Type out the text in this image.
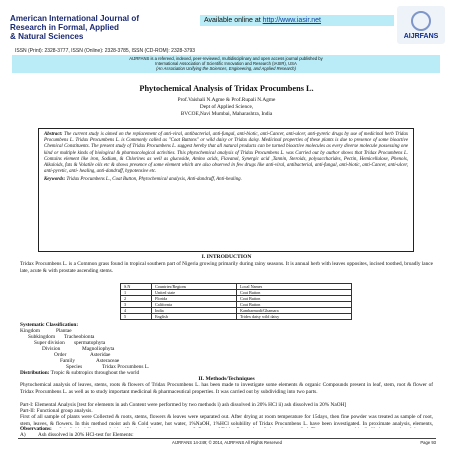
American International Journal of
Research in Formal, Applied
& Natural Sciences
Available online at http://www.iasir.net
AIJRFANS
ISSN (Print): 2328-3777, ISSN (Online): 2328-3785, ISSN (CD-ROM): 2328-3793
AIJRFANS is a refereed, indexed, peer-reviewed, multidisciplinary and open access journal published by
International Association of Scientific Innovation and Research (IASIR), USA
(An Association Unifying the Sciences, Engineering, and Applied Research)
Phytochemical Analysis of Tridax Procumbens L.
Prof.Vaishali N.Agme & Prof.Rupali N.Agme
Dept of Applied Science,
BVCOE,Navi Mumbai, Maharashtra, India
Abstract: The current study is aimed on the replacement of anti-viral, antibacterial, anti-fungal, anti-biotic, anti-Cancer, anti-ulcer, anti-pyretic drugs by use of medicinal herb Tridax Procumbens L. Tridax Procumbens L. is Commonly called as "Coat Buttons" or wild daisy or Tridax daisy. Medicinal properties of these plants is due to presence of some bioactive Chemical Constituents. The present study of Tridax Procumbens L. suggest hereby that all natural products can be turned bioactive molecules as every diverse molecule possessing one kind or multiple kinds of biological & pharmacological activities. This phytochemical analysis of Tridax Procumbens L. was Carried out by author shows that Tridax Procumbens L. Contains element like iron, Sodium, & Chlorines as well as glucoside, Amino acids, Flavanol, Synergic acid ,Tannin, Steroids, polysaccharides, Pectin, Hemicellulose, Phenols, Alkaloids, fats & Volatile oils etc & shows presence of some element which are also observed in few drugs like anti-viral, antibacterial, anti-fungal, anti-biotic, anti-Cancer, anti-ulcer, anti-pyretic, anti- healing, anti-dandruff, hypotensive etc.
Keywords: Tridax Procumbens L., Coat Button, Phytochemical analysis, Anti-dandruff, Anti-healing.
I. INTRODUCTION
Tridax Procumbens L. is a Common grass found in tropical southern part of Nigeria growing primarily during rainy seasons. It is annual herb with leaves opposites, incised toothed, broadly lance late, acute & with prostate ascending stems.
S.N	Countries/Regions	Local Names
1	United state	Coat Button
2	Florida	Coat Button
3	California	Coat Button
4	India	Kambarmodi/Ghamara
5	English	Tridex daisy wild daisy
Systematic Classification:
Kingdom	Plantae
Subkingdom Tracheobionta
Super division spermatophyta
Division	Magnoliophyta
Order	Asteridae
Family	Asteraceae
Species	Tridax Procumbens L.
Distribution: Tropic & subtropics throughout the world
II. Methods/Techniques
Phytochemical analysis of leaves, stems, roots & flowers of Tridax Procumbens L. has been made to investigate some elements & organic Compounds present in leaf, stem, root & flower of Tridax Procumbens L. as well as to study important medicinal & pharmaceutical properties. It was carried out by subdividing into two parts.
Part-I: Elemental Analysis [test for elements in ash Content were performed by two methods i) ash dissolved in 20% HCl ii) ash dissolved in 20% NaOH]
Part-II: Functional group analysis.
First of all sample of plants were Collected & roots, stems, flowers & leaves were separated out. After drying at room temperature for 15days, then fine powder was treated as sample of root, stem, leaves, & flowers. In this method moist ash & Cold water, hot water, 1%NaOH, 1%HCl solubility of Tridax Procumbens L. have been investigated. In proximate analysis, elements,
Observations:
A) Ash dissolved in 20% HCl-test for Elements:
AIJRFANS 14-249; © 2014, AIJRFANS All Rights Reserved	Page 93
